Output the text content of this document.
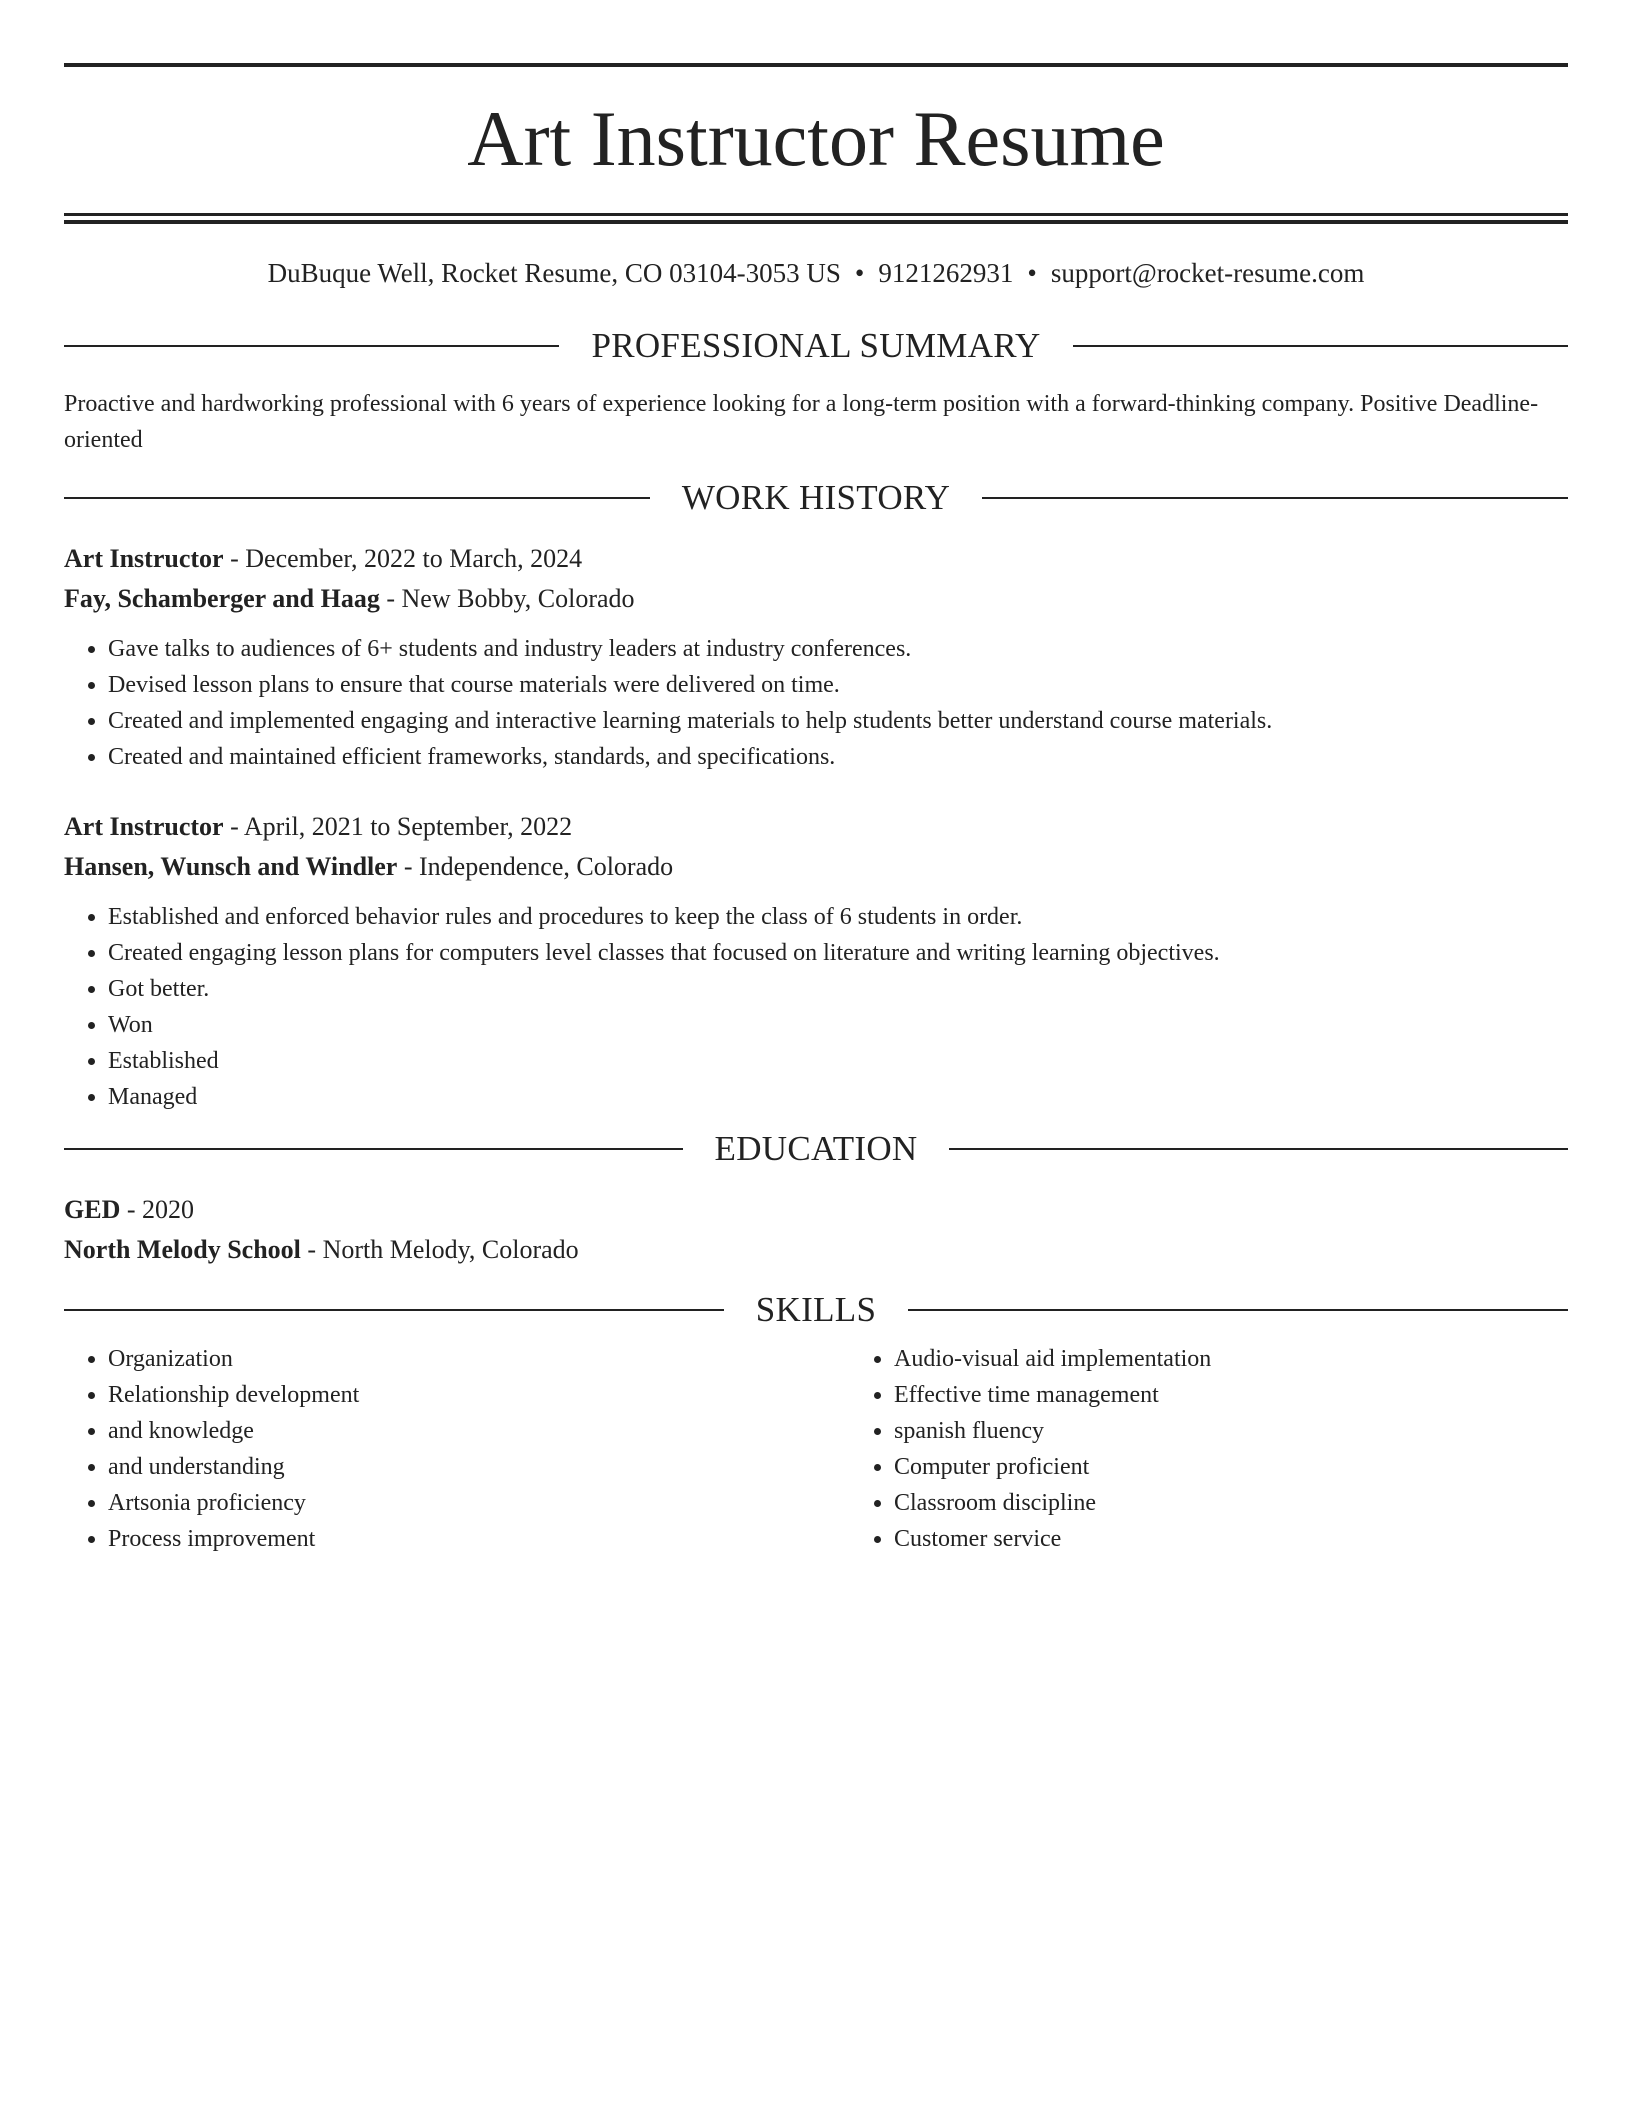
Art Instructor Resume
DuBuque Well, Rocket Resume, CO 03104-3053 US • 9121262931 • support@rocket-resume.com
PROFESSIONAL SUMMARY
Proactive and hardworking professional with 6 years of experience looking for a long-term position with a forward-thinking company. Positive Deadline-oriented
WORK HISTORY
Art Instructor - December, 2022 to March, 2024
Fay, Schamberger and Haag - New Bobby, Colorado
• Gave talks to audiences of 6+ students and industry leaders at industry conferences.
• Devised lesson plans to ensure that course materials were delivered on time.
• Created and implemented engaging and interactive learning materials to help students better understand course materials.
• Created and maintained efficient frameworks, standards, and specifications.
Art Instructor - April, 2021 to September, 2022
Hansen, Wunsch and Windler - Independence, Colorado
• Established and enforced behavior rules and procedures to keep the class of 6 students in order.
• Created engaging lesson plans for computers level classes that focused on literature and writing learning objectives.
• Got better.
• Won
• Established
• Managed
EDUCATION
GED - 2020
North Melody School - North Melody, Colorado
SKILLS
• Organization
• Relationship development
• and knowledge
• and understanding
• Artsonia proficiency
• Process improvement
• Audio-visual aid implementation
• Effective time management
• spanish fluency
• Computer proficient
• Classroom discipline
• Customer service
